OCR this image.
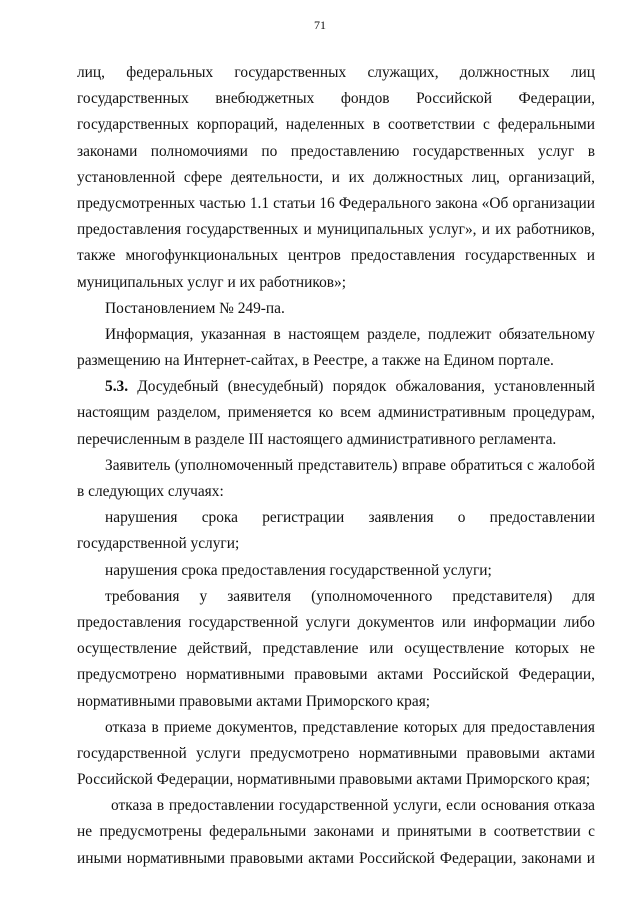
71
лиц, федеральных государственных служащих, должностных лиц
государственных внебюджетных фондов Российской Федерации,
государственных корпораций, наделенных в соответствии с федеральными
законами полномочиями по предоставлению государственных услуг в
установленной сфере деятельности, и их должностных лиц, организаций,
предусмотренных частью 1.1 статьи 16 Федерального закона «Об организации
предоставления государственных и муниципальных услуг», и их работников,
также многофункциональных центров предоставления государственных и
муниципальных услуг и их работников»;
Постановлением № 249-па.
Информация, указанная в настоящем разделе, подлежит обязательному
размещению на Интернет-сайтах, в Реестре, а также на Едином портале.
5.3. Досудебный (внесудебный) порядок обжалования, установленный
настоящим разделом, применяется ко всем административным процедурам,
перечисленным в разделе III настоящего административного регламента.
Заявитель (уполномоченный представитель) вправе обратиться с жалобой
в следующих случаях:
нарушения срока регистрации заявления о предоставлении
государственной услуги;
нарушения срока предоставления государственной услуги;
требования у заявителя (уполномоченного представителя) для
предоставления государственной услуги документов или информации либо
осуществление действий, представление или осуществление которых не
предусмотрено нормативными правовыми актами Российской Федерации,
нормативными правовыми актами Приморского края;
отказа в приеме документов, представление которых для предоставления
государственной услуги предусмотрено нормативными правовыми актами
Российской Федерации, нормативными правовыми актами Приморского края;
отказа в предоставлении государственной услуги, если основания отказа
не предусмотрены федеральными законами и принятыми в соответствии с
иными нормативными правовыми актами Российской Федерации, законами и
